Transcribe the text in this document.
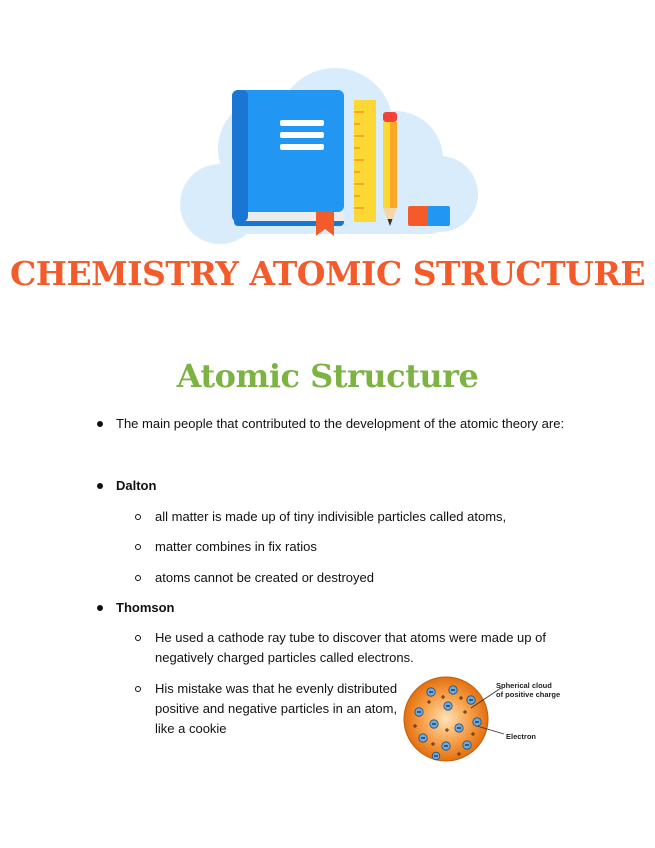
CHEMISTRY ATOMIC STRUCTURE
Atomic Structure
The main people that contributed to the development of the atomic theory are:
Dalton
all matter is made up of tiny indivisible particles called atoms,
matter combines in fix ratios
atoms cannot be created or destroyed
Thomson
He used a cathode ray tube to discover that atoms were made up of negatively charged particles called electrons.
His mistake was that he evenly distributed positive and negative particles in an atom, like a cookie
Spherical cloud
of positive charge
Electron
